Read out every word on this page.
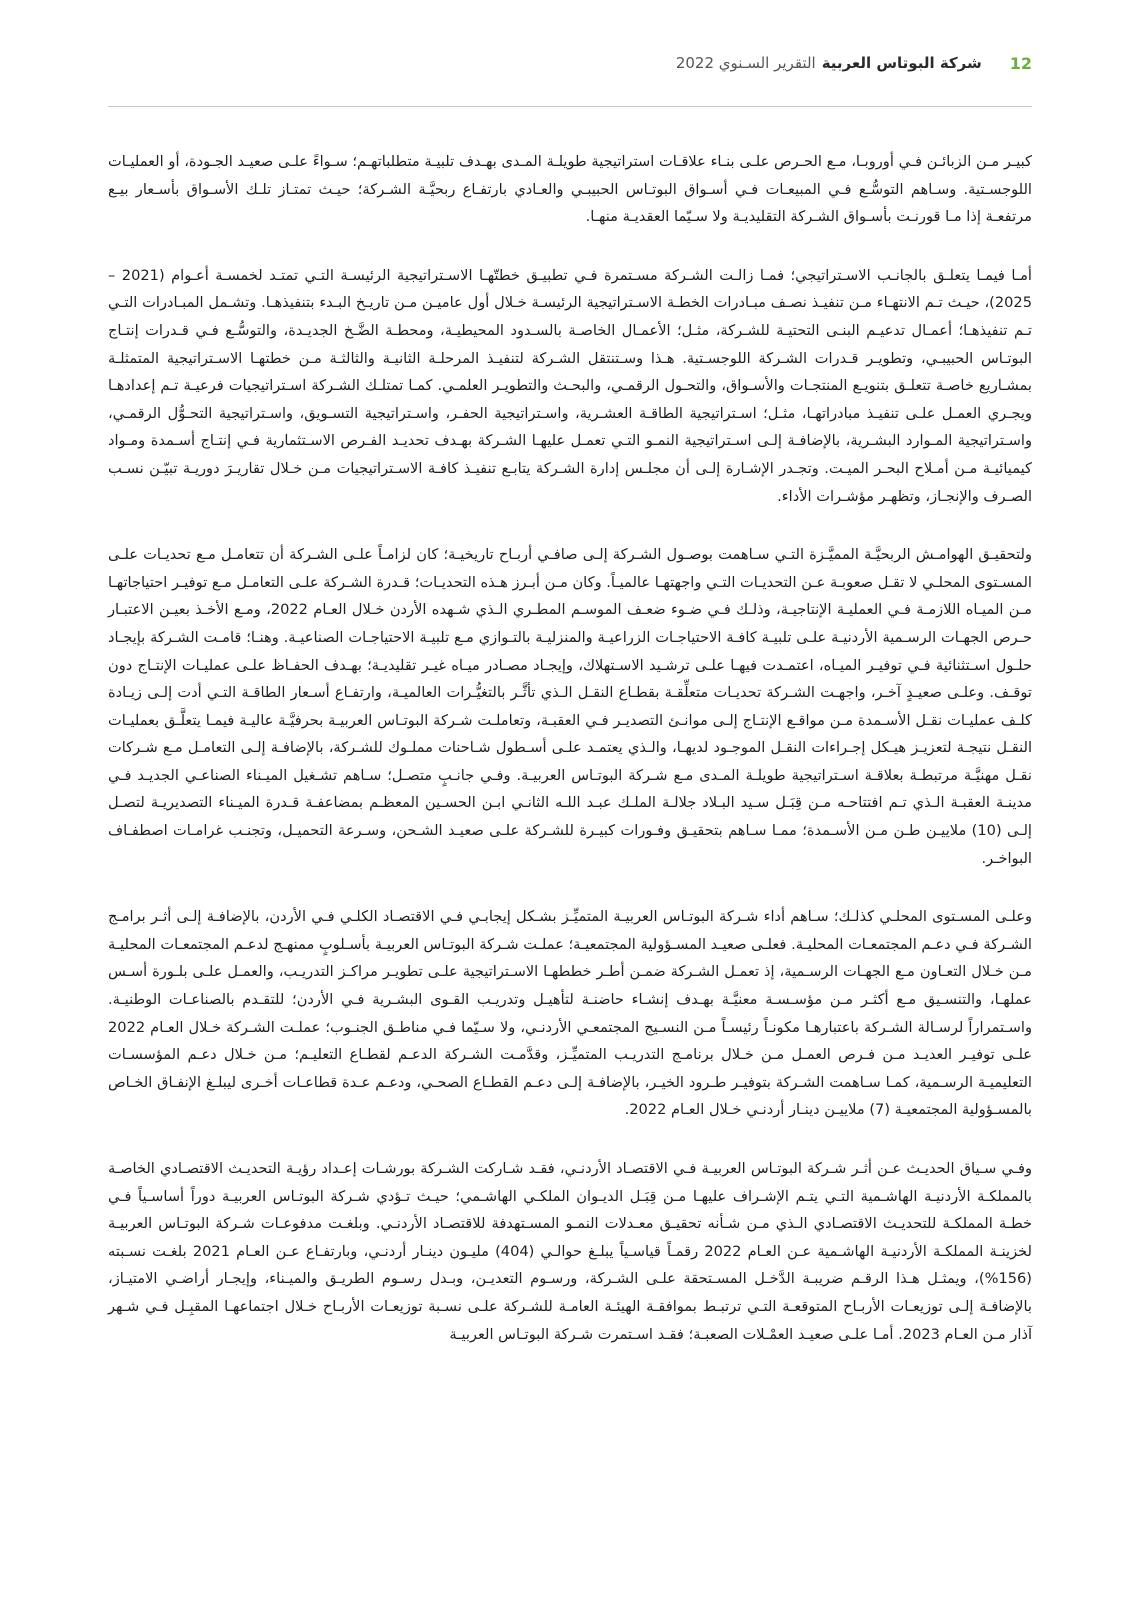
12
شركة البوتاس العربية
التقرير السـنوي 2022

كبيـر مـن الزبائـن فـي أوروبـا، مـع الحـرص علـى بنـاء علاقـات استراتيجية طويلـة المـدى بهـدف تلبيـة متطلباتهـم؛ سـواءً علـى صعيـد الجـودة، أو العمليـات اللوجسـتية. وسـاهم التوسُّـع فـي المبيعـات فـي أسـواق البوتـاس الحبيبـي والعـادي بارتفـاع ربحيَّـة الشـركة؛ حيـث تمتـاز تلـك الأسـواق بأسـعار بيـع مرتفعـة إذا مـا قورنـت بأسـواق الشـركة التقليديـة ولا سـيّما العقديـة منهـا.

أمـا فيمـا يتعلـق بالجانـب الاسـتراتيجي؛ فمـا زالـت الشـركة مسـتمرة فـي تطبيـق خطتّهـا الاسـتراتيجية الرئيسـة التـي تمتـد لخمسـة أعـوام (2021 – 2025)، حيـث تـم الانتهـاء مـن تنفيـذ نصـف مبـادرات الخطـة الاسـتراتيجية الرئيسـة خـلال أول عاميـن مـن تاريـخ البـدء بتنفيذهـا. وتشـمل المبـادرات التـي تـم تنفيذهـا؛ أعمـال تدعيـم البنـى التحتيـة للشـركة، مثـل؛ الأعمـال الخاصـة بالسـدود المحيطيـة، ومحطـة الضَّـخ الجديـدة، والتوسُّـع فـي قـدرات إنتـاج البوتـاس الحبيبـي، وتطويـر قـدرات الشـركة اللوجسـتية. هـذا وسـتنتقل الشـركة لتنفيـذ المرحلـة الثانيـة والثالثـة مـن خطتهـا الاسـتراتيجية المتمثلـة بمشـاريع خاصـة تتعلـق بتنويـع المنتجـات والأسـواق، والتحـول الرقمـي، والبحـث والتطويـر العلمـي. كمـا تمتلـك الشـركة اسـتراتيجيات فرعيـة تـم إعدادهـا ويجـري العمـل علـى تنفيـذ مبادراتهـا، مثـل؛ اسـتراتيجية الطاقـة العشـرية، واسـتراتيجية الحفـر، واسـتراتيجية التسـويق، واسـتراتيجية التحـوُّل الرقمـي، واسـتراتيجية المـوارد البشـرية، بالإضافـة إلـى اسـتراتيجية النمـو التـي تعمـل عليهـا الشـركة بهـدف تحديـد الفـرص الاسـتثمارية فـي إنتـاج أسـمدة ومـواد كيميائيـة مـن أمـلاح البحـر الميـت. وتجـدر الإشـارة إلـى أن مجلـس إدارة الشـركة يتابـع تنفيـذ كافـة الاسـتراتيجيات مـن خـلال تقاريـرَ دوريـة تبيّـن نسـب الصـرف والإنجـاز، وتظهـر مؤشـرات الأداء.

ولتحقيـق الهوامـش الربحيَّـة المميَّـزة التـي سـاهمت بوصـول الشـركة إلـى صافـي أربـاح تاريخيـة؛ كان لزامـاً علـى الشـركة أن تتعامـل مـع تحديـات علـى المسـتوى المحلـي لا تقـل صعوبـة عـن التحديـات التـي واجهتهـا عالميـاً. وكان مـن أبـرز هـذه التحديـات؛ قـدرة الشـركة علـى التعامـل مـع توفيـر احتياجاتهـا مـن الميـاه اللازمـة فـي العمليـة الإنتاجيـة، وذلـك فـي ضـوء ضعـف الموسـم المطـري الـذي شـهده الأردن خـلال العـام 2022، ومـع الأخـذ بعيـن الاعتبـار حـرص الجهـات الرسـمية الأردنيـة علـى تلبيـة كافـة الاحتياجـات الزراعيـة والمنزليـة بالتـوازي مـع تلبيـة الاحتياجـات الصناعيـة. وهنـا؛ قامـت الشـركة بإيجـاد حلـول اسـتثنائية فـي توفيـر الميـاه، اعتمـدت فيهـا علـى ترشـيد الاسـتهلاك، وإيجـاد مصـادر ميـاه غيـر تقليديـة؛ بهـدف الحفـاظ علـى عمليـات الإنتـاج دون توقـف. وعلـى صعيـدٍ آخـر، واجهـت الشـركة تحديـات متعلِّقـة بقطـاع النقـل الـذي تأثَّـر بالتغيُّـرات العالميـة، وارتفـاع أسـعار الطاقـة التـي أدت إلـى زيـادة كلـف عمليـات نقـل الأسـمدة مـن مواقـع الإنتـاج إلـى موانـئ التصديـر فـي العقبـة، وتعاملـت شـركة البوتـاس العربيـة بحرفيَّـة عاليـة فيمـا يتعلَّـق بعمليـات النقـل نتيجـة لتعزيـز هيـكل إجـراءات النقـل الموجـود لديهـا، والـذي يعتمـد علـى أسـطول شـاحنات مملـوك للشـركة، بالإضافـة إلـى التعامـل مـع شـركات نقـل مهنيَّـة مرتبطـة بعلاقـة اسـتراتيجية طويلـة المـدى مـع شـركة البوتـاس العربيـة. وفـي جانـبٍ متصـل؛ سـاهم تشـغيل الميـناء الصناعـي الجديـد فـي مدينـة العقبـة الـذي تـم افتتاحـه مـن قِبَـل سـيد البـلاد جلالـة الملـك عبـد اللـه الثانـي ابـن الحسـين المعظـم بمضاعفـة قـدرة الميـناء التصديريـة لتصـل إلـى (10) ملاييـن طـن مـن الأسـمدة؛ ممـا سـاهم بتحقيـق وفـورات كبيـرة للشـركة علـى صعيـد الشـحن، وسـرعة التحميـل، وتجنـب غرامـات اصطفـاف البواخـر.

وعلـى المسـتوى المحلـي كذلـك؛ سـاهم أداء شـركة البوتـاس العربيـة المتميِّـز بشـكل إيجابـي فـي الاقتصـاد الكلـي فـي الأردن، بالإضافـة إلـى أثـر برامـج الشـركة فـي دعـم المجتمعـات المحليـة. فعلـى صعيـد المسـؤولية المجتمعيـة؛ عملـت شـركة البوتـاس العربيـة بأسـلوبٍ ممنهـج لدعـم المجتمعـات المحليـة مـن خـلال التعـاون مـع الجهـات الرسـمية، إذ تعمـل الشـركة ضمـن أطـر خططهـا الاسـتراتيجية علـى تطويـر مراكـز التدريـب، والعمـل علـى بلـورة أسـس عملهـا، والتنسـيق مـع أكثـر مـن مؤسـسـة معنيَّـة بهـدف إنشـاء حاضنـة لتأهيـل وتدريـب القـوى البشـرية فـي الأردن؛ للتقـدم بالصناعـات الوطنيـة. واسـتمراراً لرسـالة الشـركة باعتبارهـا مكونـاً رئيسـاً مـن النسـيج المجتمعـي الأردنـي، ولا سـيّما فـي مناطـق الجنـوب؛ عملـت الشـركة خـلال العـام 2022 علـى توفيـر العديـد مـن فـرص العمـل مـن خـلال برنامـج التدريـب المتميِّـز، وقدَّمـت الشـركة الدعـم لقطـاع التعليـم؛ مـن خـلال دعـم المؤسسـات التعليميـة الرسـمية، كمـا سـاهمت الشـركة بتوفيـر طـرود الخيـر، بالإضافـة إلـى دعـم القطـاع الصحـي، ودعـم عـدة قطاعـات أخـرى ليبلـغ الإنفـاق الخـاص بالمسـؤولية المجتمعيـة (7) ملاييـن دينـار أردنـي خـلال العـام 2022.

وفـي سـياق الحديـث عـن أثـر شـركة البوتـاس العربيـة فـي الاقتصـاد الأردنـي، فقـد شـاركت الشـركة بورشـات إعـداد رؤيـة التحديـث الاقتصـادي الخاصـة بالمملكـة الأردنيـة الهاشـمية التـي يتـم الإشـراف عليهـا مـن قِبَـل الديـوان الملكـي الهاشـمي؛ حيـث تـؤدي شـركة البوتـاس العربيـة دوراً أساسـياً فـي خطـة المملكـة للتحديـث الاقتصـادي الـذي مـن شـأنه تحقيـق معـدلات النمـو المسـتهدفة للاقتصـاد الأردنـي. وبلغـت مدفوعـات شـركة البوتـاس العربيـة لخزينـة المملكـة الأردنيـة الهاشـمية عـن العـام 2022 رقمـاً قياسـياً يبلـغ حوالـي (404) مليـون دينـار أردنـي، وبارتفـاع عـن العـام 2021 بلغـت نسـبته (156%)، ويمثـل هـذا الرقـم ضريبـة الدَّخـل المسـتحقة علـى الشـركة، ورسـوم التعديـن، وبـدل رسـوم الطريـق والميـناء، وإيجـار أراضـي الامتيـاز، بالإضافـة إلـى توزيعـات الأربـاح المتوقعـة التـي ترتبـط بموافقـة الهيئـة العامـة للشـركة علـى نسـبة توزيعـات الأربـاح خـلال اجتماعهـا المقبِـل فـي شـهر آذار مـن العـام 2023. أمـا علـى صعيـد العمْـلات الصعبـة؛ فقـد اسـتمرت شـركة البوتـاس العربيـة
